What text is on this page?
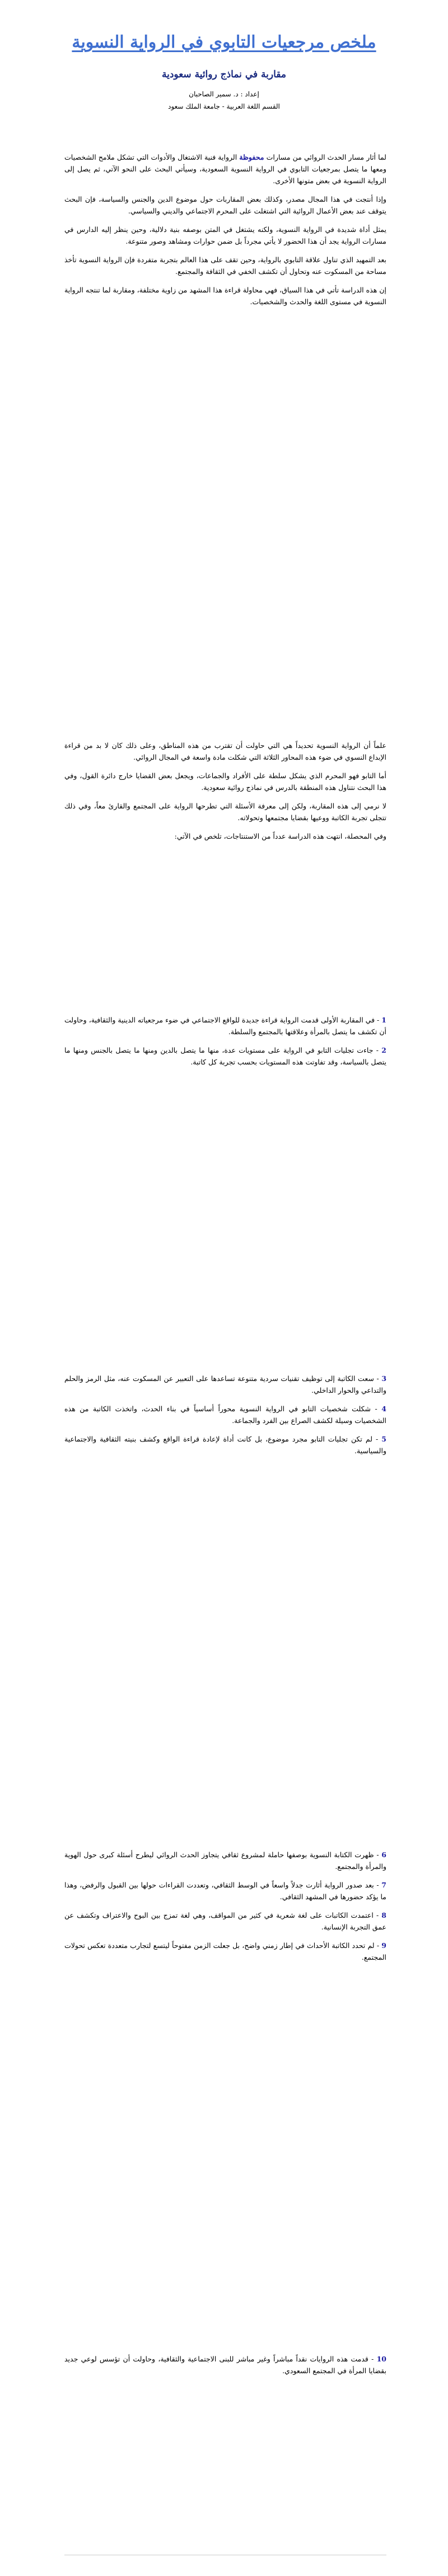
ملخص مرجعيات التابوي في الرواية النسوية
مقاربة في نماذج روائية سعودية
إعداد : د. سمير الصاحبان
القسم اللغة العربية - جامعة الملك سعود

لما أثار مسار الحدث الروائي من مسارات محفوظة الرواية فنية الاشتغال والأدوات التي تشكل ملامح الشخصيات ومعها ما يتصل بمرجعيات التابوي في الرواية النسوية السعودية، وسيأتي البحث على النحو الآتي، ثم يصل إلى الرواية النسوية في بعض متونها الأخرى.

وإذا أنتجت في هذا المجال مصدر، وكذلك بعض المقاربات حول موضوع الدين والجنس والسياسة، فإن البحث يتوقف عند بعض الأعمال الروائية التي اشتغلت على المحرم الاجتماعي والديني والسياسي.

يمثل أداة شديدة في الرواية النسوية، ولكنه يشتغل في المتن بوصفه بنية دلالية، وحين ينظر إليه الدارس في مسارات الرواية يجد أن هذا الحضور لا يأتي مجرداً بل ضمن حوارات ومشاهد وصور متنوعة.

بعد التمهيد الذي تناول علاقة التابوي بالرواية، وحين تقف على هذا العالم بتجربة متفردة فإن الرواية النسوية تأخذ مساحة من المسكوت عنه وتحاول أن تكشف الخفي في الثقافة والمجتمع.

إن هذه الدراسة تأتي في هذا السياق، فهي محاولة قراءة هذا المشهد من زاوية مختلفة، ومقاربة لما تنتجه الرواية النسوية في مستوى اللغة والحدث والشخصيات.

علماً أن الرواية النسوية تحديداً هي التي حاولت أن تقترب من هذه المناطق، وعلى ذلك كان لا بد من قراءة الإبداع النسوي في ضوء هذه المحاور الثلاثة التي شكلت مادة واسعة في المجال الروائي.

أما التابو فهو المحرم الذي يشكل سلطة على الأفراد والجماعات، ويجعل بعض القضايا خارج دائرة القول، وفي هذا البحث نتناول هذه المنطقة بالدرس في نماذج روائية سعودية.

لا نرمي إلى هذه المقاربة، ولكن إلى معرفة الأسئلة التي تطرحها الرواية على المجتمع والقارئ معاً، وفي ذلك تتجلى تجربة الكاتبة ووعيها بقضايا مجتمعها وتحولاته.

وفي المحصلة، انتهت هذه الدراسة عدداً من الاستنتاجات، تلخص في الآتي:

1 - في المقاربة الأولى قدمت الرواية قراءة جديدة للواقع الاجتماعي في ضوء مرجعياته الدينية والثقافية، وحاولت أن تكشف ما يتصل بالمرأة وعلاقتها بالمجتمع والسلطة.

2 - جاءت تجليات التابو في الرواية على مستويات عدة، منها ما يتصل بالدين ومنها ما يتصل بالجنس ومنها ما يتصل بالسياسة، وقد تفاوتت هذه المستويات بحسب تجربة كل كاتبة.

3 - سعت الكاتبة إلى توظيف تقنيات سردية متنوعة تساعدها على التعبير عن المسكوت عنه، مثل الرمز والحلم والتداعي والحوار الداخلي.

4 - شكلت شخصيات التابو في الرواية النسوية محوراً أساسياً في بناء الحدث، واتخذت الكاتبة من هذه الشخصيات وسيلة لكشف الصراع بين الفرد والجماعة.

5 - لم تكن تجليات التابو مجرد موضوع، بل كانت أداة لإعادة قراءة الواقع وكشف بنيته الثقافية والاجتماعية والسياسية.

6 - ظهرت الكتابة النسوية بوصفها حاملة لمشروع ثقافي يتجاوز الحدث الروائي ليطرح أسئلة كبرى حول الهوية والمرأة والمجتمع.

7 - بعد صدور الرواية أثارت جدلاً واسعاً في الوسط الثقافي، وتعددت القراءات حولها بين القبول والرفض، وهذا ما يؤكد حضورها في المشهد الثقافي.

8 - اعتمدت الكاتبات على لغة شعرية في كثير من المواقف، وهي لغة تمزج بين البوح والاعتراف وتكشف عن عمق التجربة الإنسانية.

9 - لم تحدد الكاتبة الأحداث في إطار زمني واضح، بل جعلت الزمن مفتوحاً ليتسع لتجارب متعددة تعكس تحولات المجتمع.

10 - قدمت هذه الروايات نقداً مباشراً وغير مباشر للبنى الاجتماعية والثقافية، وحاولت أن تؤسس لوعي جديد بقضايا المرأة في المجتمع السعودي.
